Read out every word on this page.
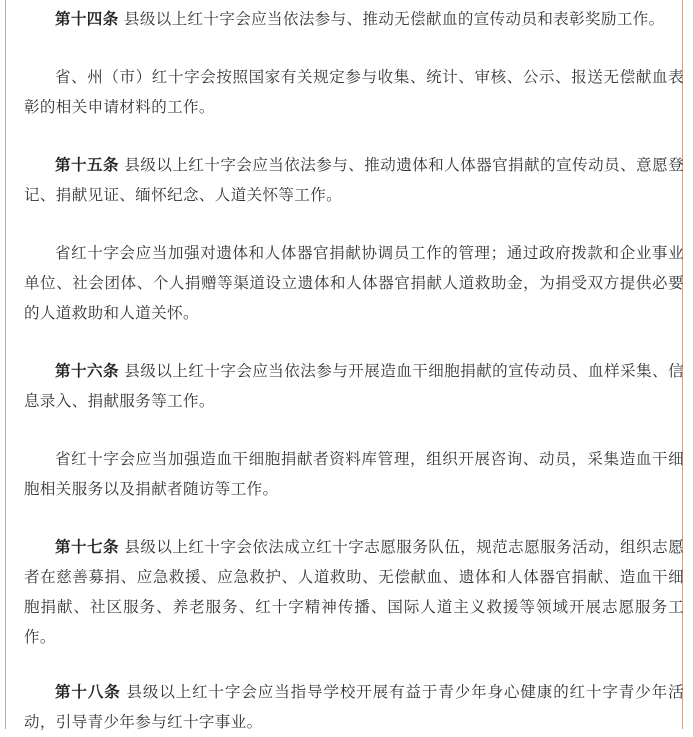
第十四条 县级以上红十字会应当依法参与、推动无偿献血的宣传动员和表彰奖励工作。

省、州（市）红十字会按照国家有关规定参与收集、统计、审核、公示、报送无偿献血表彰的相关申请材料的工作。

第十五条 县级以上红十字会应当依法参与、推动遗体和人体器官捐献的宣传动员、意愿登记、捐献见证、缅怀纪念、人道关怀等工作。

省红十字会应当加强对遗体和人体器官捐献协调员工作的管理；通过政府拨款和企业事业单位、社会团体、个人捐赠等渠道设立遗体和人体器官捐献人道救助金，为捐受双方提供必要的人道救助和人道关怀。

第十六条 县级以上红十字会应当依法参与开展造血干细胞捐献的宣传动员、血样采集、信息录入、捐献服务等工作。

省红十字会应当加强造血干细胞捐献者资料库管理，组织开展咨询、动员，采集造血干细胞相关服务以及捐献者随访等工作。

第十七条 县级以上红十字会依法成立红十字志愿服务队伍，规范志愿服务活动，组织志愿者在慈善募捐、应急救援、应急救护、人道救助、无偿献血、遗体和人体器官捐献、造血干细胞捐献、社区服务、养老服务、红十字精神传播、国际人道主义救援等领域开展志愿服务工作。

第十八条 县级以上红十字会应当指导学校开展有益于青少年身心健康的红十字青少年活动，引导青少年参与红十字事业。
